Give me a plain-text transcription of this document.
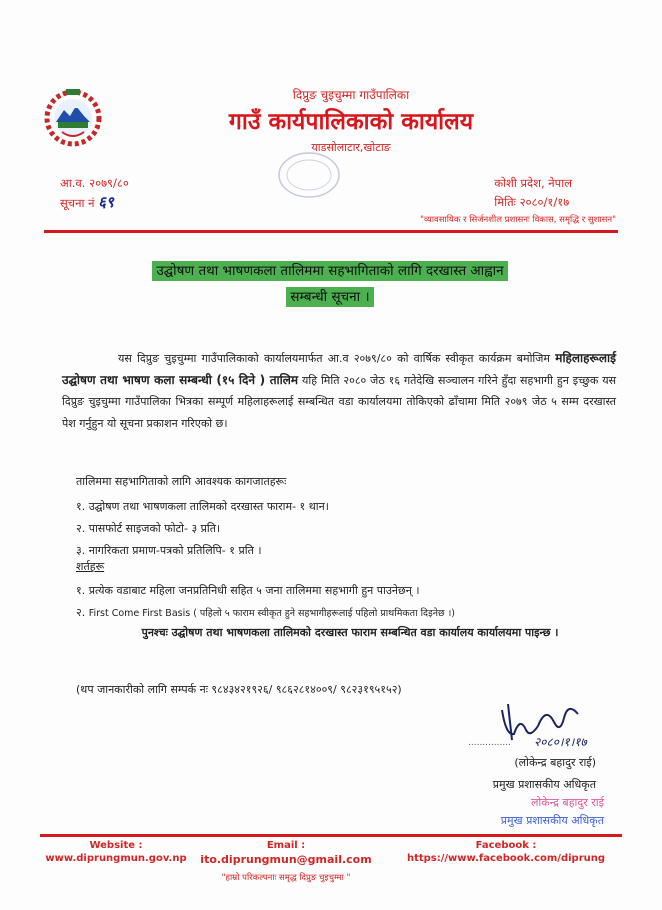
दिप्रुङ चुइचुम्मा गाउँपालिका
गाउँ कार्यपालिकाको कार्यालय
याडसोलाटार,खोटाङ
आ.व. २०७९/८०
सूचना नं ६९
कोशी प्रदेश, नेपाल
मितिः २०८०/१/१७
"व्यावसायिक र सिर्जनशील प्रशासनः विकास, समृद्धि र सुशासन"
उद्घोषण तथा भाषणकला तालिममा सहभागिताको लागि दरखास्त आह्वान
सम्बन्धी सूचना ।
यस दिप्रुङ चुइचुम्मा गाउँपालिकाको कार्यालयमार्फत आ.व २०७९/८० को वार्षिक स्वीकृत कार्यक्रम बमोजिम महिलाहरूलाई उद्घोषण तथा भाषण कला सम्बन्धी (१५ दिने ) तालिम यहि मिति २०८० जेठ १६ गतेदेखि सञ्चालन गरिने हुँदा सहभागी हुन इच्छुक यस दिप्रुङ चुइचुम्मा गाउँपालिका भित्रका सम्पूर्ण महिलाहरूलाई सम्बन्धित वडा कार्यालयमा तोकिएको ढाँचामा मिति २०७९ जेठ ५ सम्म दरखास्त पेश गर्नुहुन यो सूचना प्रकाशन गरिएको छ।
तालिममा सहभागिताको लागि आवश्यक कागजातहरूः
१. उद्घोषण तथा भाषणकला तालिमको दरखास्त फाराम- १ थान।
२. पासफोर्ट साइजको फोटो- ३ प्रति।
३. नागरिकता प्रमाण-पत्रको प्रतिलिपि- १ प्रति ।
शर्तहरू
१. प्रत्येक वडाबाट महिला जनप्रतिनिधी सहित ५ जना तालिममा सहभागी हुन पाउनेछन् ।
२. First Come First Basis ( पहिलो ५ फाराम स्वीकृत हुने सहभागीहरूलाई पहिलो प्राथमिकता दिइनेछ ।)
पुनश्चः उद्घोषण तथा भाषणकला तालिमको दरखास्त फाराम सम्बन्धित वडा कार्यालय कार्यालयमा पाइन्छ ।
(थप जानकारीको लागि सम्पर्क नः ९८४३४२१९२६/ ९८६२८१४००९/ ९८२३१९५१५२)
............... २०८०।१।१७
(लोकेन्द्र बहादुर राई)
प्रमुख प्रशासकीय अधिकृत
लोकेन्द्र बहादुर राई
प्रमुख प्रशासकीय अधिकृत
Website :
www.diprungmun.gov.np
Email :
ito.diprungmun@gmail.com
Facebook :
https://www.facebook.com/diprung
"हाम्रो परिकल्पनाः समृद्ध दिप्रुङ चुइचुम्मा "
